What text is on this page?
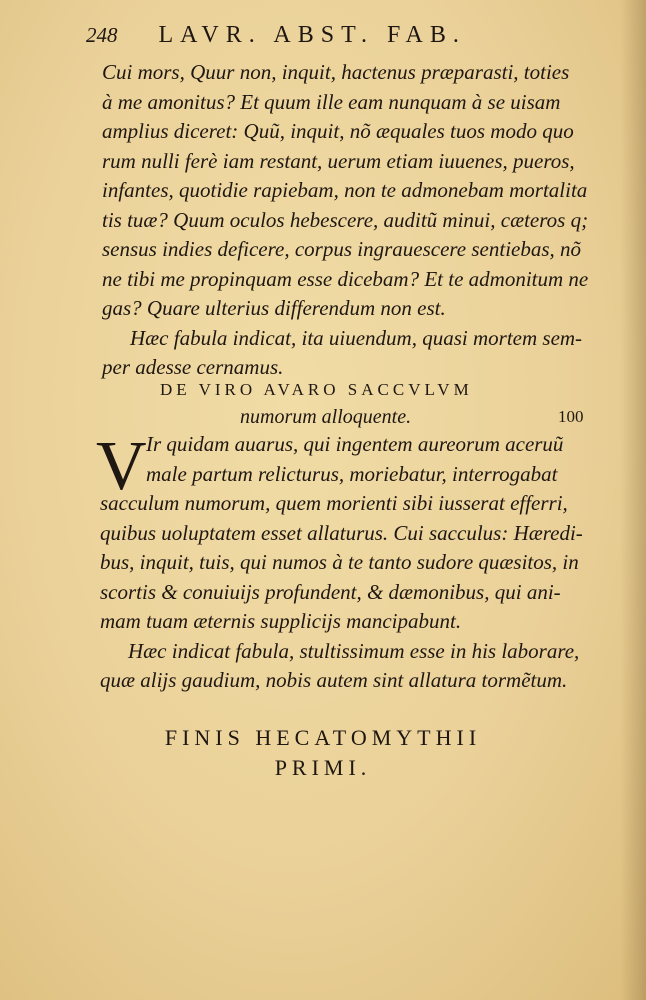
248 LAVR. ABST. FAB.
Cui mors, Quur non, inquit, hactenus præparasti, toties
à me amonitus? Et quum ille eam nunquam à se uisam
amplius diceret: Quũ, inquit, nõ æquales tuos modo quo
rum nulli ferè iam restant, uerum etiam iuuenes, pueros,
infantes, quotidie rapiebam, non te admonebam mortalita
tis tuæ? Quum oculos hebescere, auditũ minui, cæteros q;
sensus indies deficere, corpus ingrauescere sentiebas, nõ
ne tibi me propinquam esse dicebam? Et te admonitum ne
gas? Quare ulterius differendum non est.
Hæc fabula indicat, ita uiuendum, quasi mortem sem-
per adesse cernamus.
DE VIRO AVARO SACCVLVM
numorum alloquente.	100
V Ir quidam auarus, qui ingentem aureorum aceruũ
male partum relicturus, moriebatur, interrogabat
sacculum numorum, quem morienti sibi iusserat efferri,
quibus uoluptatem esset allaturus. Cui sacculus: Hæredi-
bus, inquit, tuis, qui numos à te tanto sudore quæsitos, in
scortis & conuiuijs profundent, & dæmonibus, qui ani-
mam tuam æternis supplicijs mancipabunt.
Hæc indicat fabula, stultissimum esse in his laborare,
quæ alijs gaudium, nobis autem sint allatura tormẽtum.
FINIS HECATOMYTHII
PRIMI.
